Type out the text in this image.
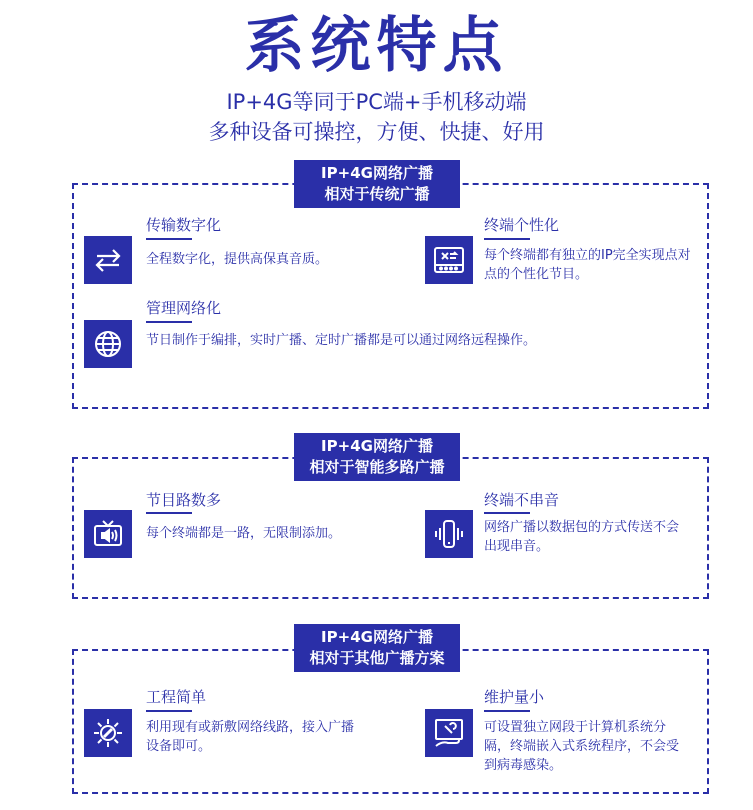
系统特点
IP+4G等同于PC端+手机移动端
多种设备可操控，方便、快捷、好用
IP+4G网络广播
相对于传统广播
传输数字化
全程数字化，提供高保真音质。
终端个性化
每个终端都有独立的IP完全实现点对点的个性化节目。
管理网络化
节日制作于编排，实时广播、定时广播都是可以通过网络远程操作。
IP+4G网络广播
相对于智能多路广播
节目路数多
每个终端都是一路，无限制添加。
终端不串音
网络广播以数据包的方式传送不会出现串音。
IP+4G网络广播
相对于其他广播方案
工程简单
利用现有或新敷网络线路，接入广播设备即可。
维护量小
可设置独立网段于计算机系统分隔，终端嵌入式系统程序，不会受到病毒感染。
